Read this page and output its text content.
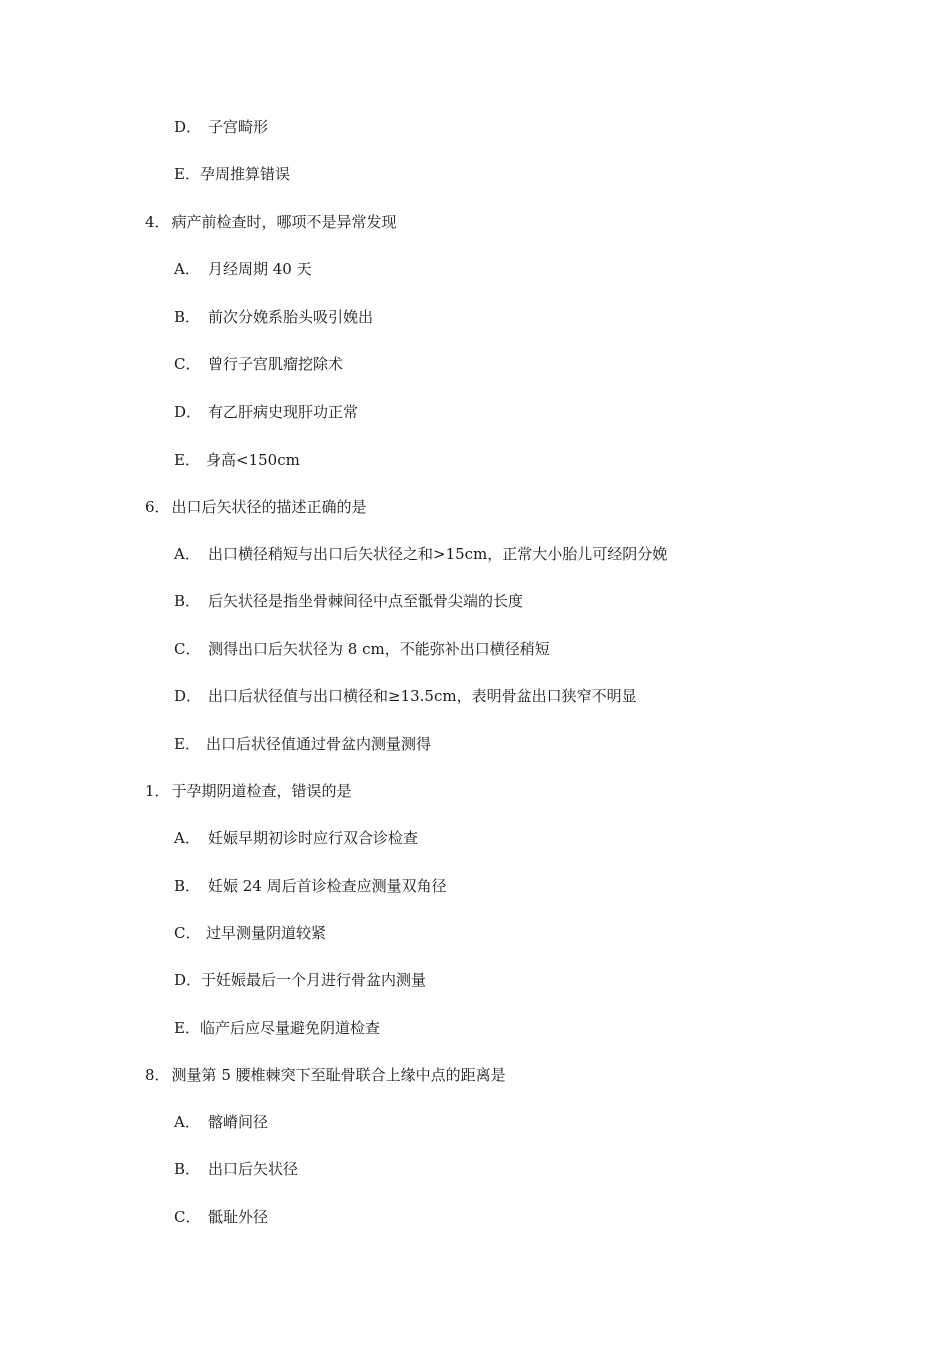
D． 子宫畸形
E．孕周推算错误
4． 病产前检查时，哪项不是异常发现
A． 月经周期 40 天
B． 前次分娩系胎头吸引娩出
C． 曾行子宫肌瘤挖除术
D． 有乙肝病史现肝功正常
E． 身高<150cm
6． 出口后矢状径的描述正确的是
A． 出口横径稍短与出口后矢状径之和>15cm，正常大小胎儿可经阴分娩
B． 后矢状径是指坐骨棘间径中点至骶骨尖端的长度
C． 测得出口后矢状径为 8 cm，不能弥补出口横径稍短
D． 出口后状径值与出口横径和≥13.5cm，表明骨盆出口狭窄不明显
E． 出口后状径值通过骨盆内测量测得
1． 于孕期阴道检查，错误的是
A． 妊娠早期初诊时应行双合诊检查
B． 妊娠 24 周后首诊检查应测量双角径
C． 过早测量阴道较紧
D．于妊娠最后一个月进行骨盆内测量
E．临产后应尽量避免阴道检查
8． 测量第 5 腰椎棘突下至耻骨联合上缘中点的距离是
A． 髂嵴间径
B． 出口后矢状径
C． 骶耻外径
